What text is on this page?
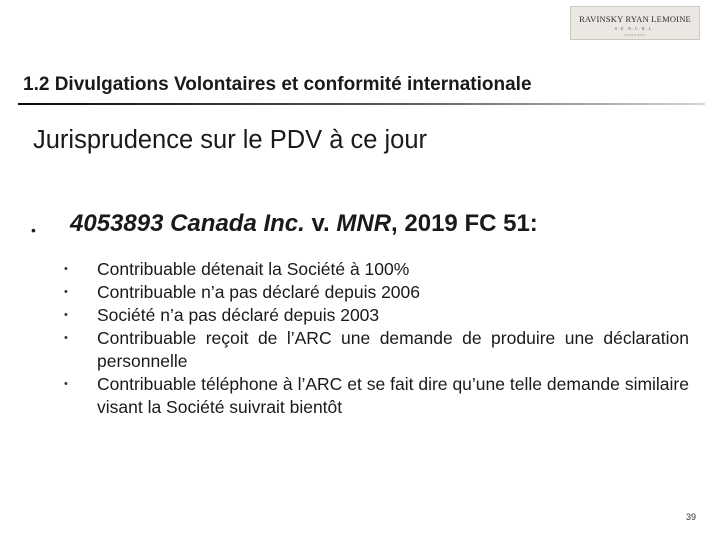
RAVINSKY RYAN LEMOINE
S.E.N.C.R.L.
AVOCATS
1.2 Divulgations Volontaires et conformité internationale
Jurisprudence sur le PDV à ce jour
• 4053893 Canada Inc. v. MNR, 2019 FC 51:
• Contribuable détenait la Société à 100%
• Contribuable n’a pas déclaré depuis 2006
• Société n’a pas déclaré depuis 2003
• Contribuable reçoit de l’ARC une demande de produire une déclaration personnelle
• Contribuable téléphone à l’ARC et se fait dire qu’une telle demande similaire visant la Société suivrait bientôt
39
